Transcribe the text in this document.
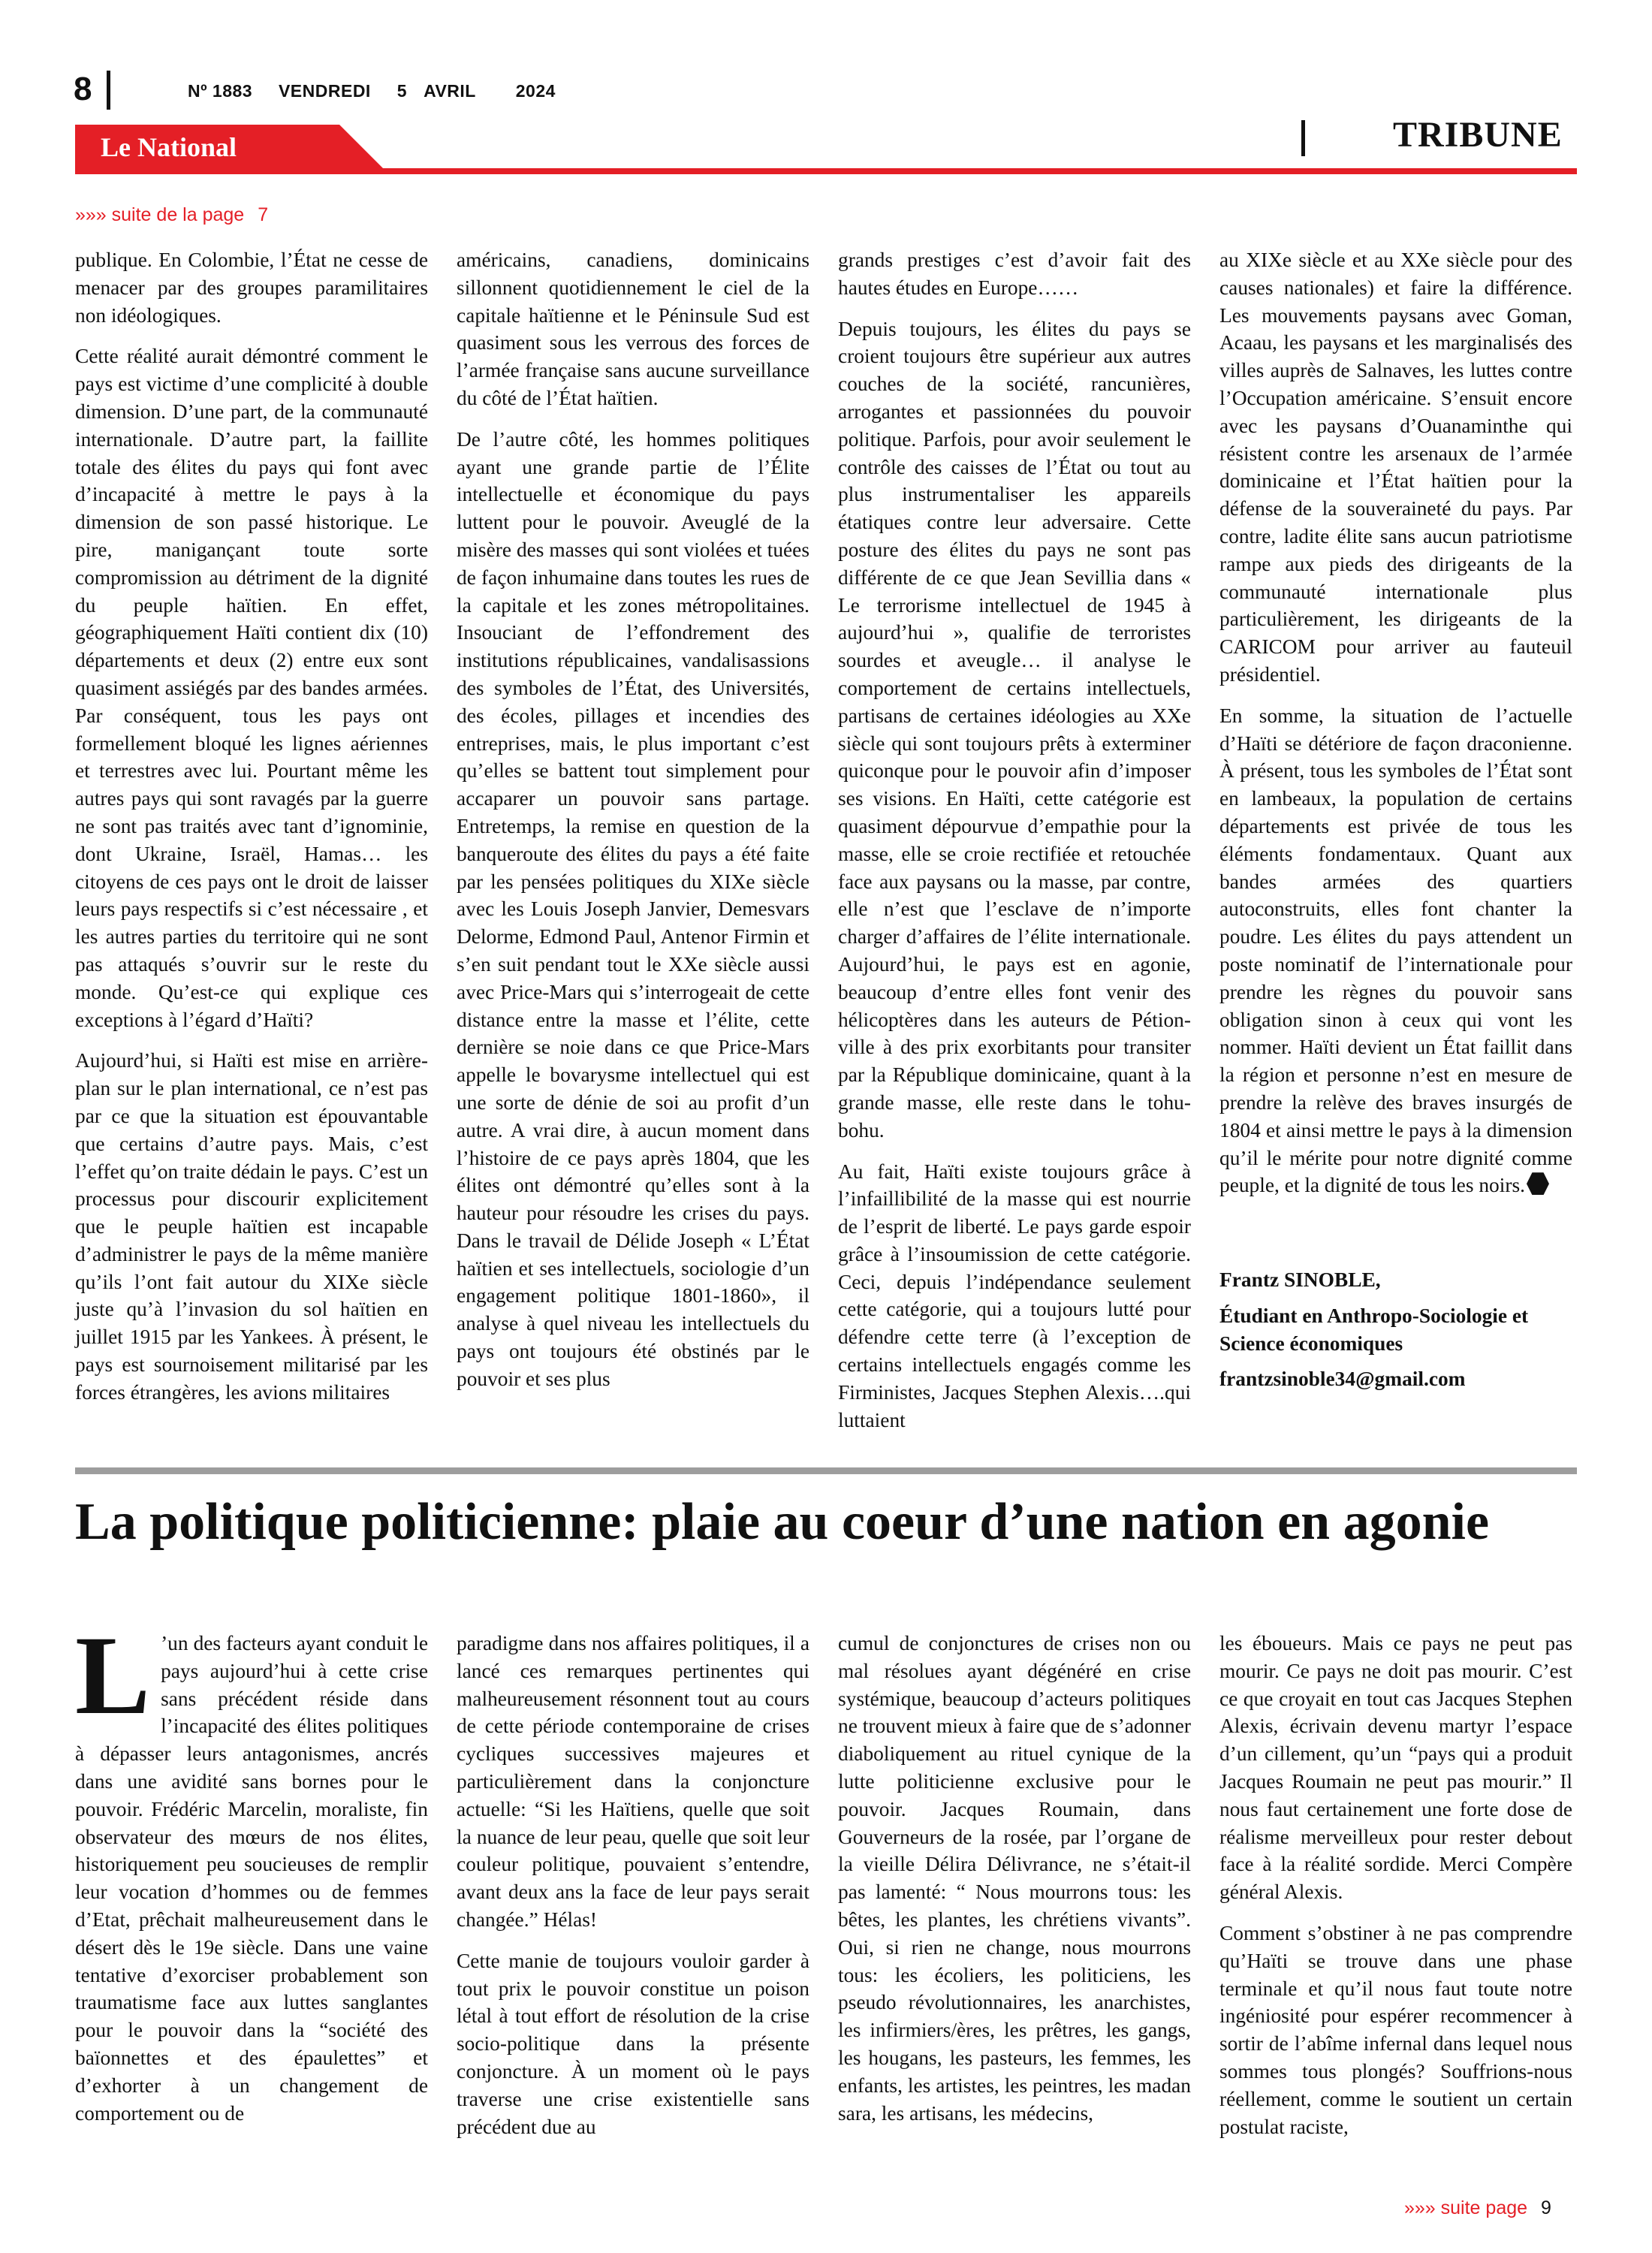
8	Nº 1883 VENDREDI 5 AVRIL 2024
Le National	TRIBUNE
»»» suite de la page 7

publique. En Colombie, l’État ne cesse de menacer par des groupes paramilitaires non idéologiques.

Cette réalité aurait démontré comment le pays est victime d’une complicité à double dimension. D’une part, de la communauté internationale. D’autre part, la faillite totale des élites du pays qui font avec d’incapacité à mettre le pays à la dimension de son passé historique. Le pire, manigançant toute sorte compromission au détriment de la dignité du peuple haïtien. En effet, géographiquement Haïti contient dix (10) départements et deux (2) entre eux sont quasiment assiégés par des bandes armées. Par conséquent, tous les pays ont formellement bloqué les lignes aériennes et terrestres avec lui. Pourtant même les autres pays qui sont ravagés par la guerre ne sont pas traités avec tant d’ignominie, dont Ukraine, Israël, Hamas… les citoyens de ces pays ont le droit de laisser leurs pays respectifs si c’est nécessaire , et les autres parties du territoire qui ne sont pas attaqués s’ouvrir sur le reste du monde. Qu’est-ce qui explique ces exceptions à l’égard d’Haïti?

Aujourd’hui, si Haïti est mise en arrière-plan sur le plan international, ce n’est pas par ce que la situation est épouvantable que certains d’autre pays. Mais, c’est l’effet qu’on traite dédain le pays. C’est un processus pour discourir explicitement que le peuple haïtien est incapable d’administrer le pays de la même manière qu’ils l’ont fait autour du XIXe siècle juste qu’à l’invasion du sol haïtien en juillet 1915 par les Yankees. À présent, le pays est sournoisement militarisé par les forces étrangères, les avions militaires

américains, canadiens, dominicains sillonnent quotidiennement le ciel de la capitale haïtienne et le Péninsule Sud est quasiment sous les verrous des forces de l’armée française sans aucune surveillance du côté de l’État haïtien.

De l’autre côté, les hommes politiques ayant une grande partie de l’Élite intellectuelle et économique du pays luttent pour le pouvoir. Aveuglé de la misère des masses qui sont violées et tuées de façon inhumaine dans toutes les rues de la capitale et les zones métropolitaines. Insouciant de l’effondrement des institutions républicaines, vandalisassions des symboles de l’État, des Universités, des écoles, pillages et incendies des entreprises, mais, le plus important c’est qu’elles se battent tout simplement pour accaparer un pouvoir sans partage. Entretemps, la remise en question de la banqueroute des élites du pays a été faite par les pensées politiques du XIXe siècle avec les Louis Joseph Janvier, Demesvars Delorme, Edmond Paul, Antenor Firmin et s’en suit pendant tout le XXe siècle aussi avec Price-Mars qui s’interrogeait de cette distance entre la masse et l’élite, cette dernière se noie dans ce que Price-Mars appelle le bovarysme intellectuel qui est une sorte de dénie de soi au profit d’un autre. A vrai dire, à aucun moment dans l’histoire de ce pays après 1804, que les élites ont démontré qu’elles sont à la hauteur pour résoudre les crises du pays. Dans le travail de Délide Joseph « L’État haïtien et ses intellectuels, sociologie d’un engagement politique 1801-1860», il analyse à quel niveau les intellectuels du pays ont toujours été obstinés par le pouvoir et ses plus

grands prestiges c’est d’avoir fait des hautes études en Europe……

Depuis toujours, les élites du pays se croient toujours être supérieur aux autres couches de la société, rancunières, arrogantes et passionnées du pouvoir politique. Parfois, pour avoir seulement le contrôle des caisses de l’État ou tout au plus instrumentaliser les appareils étatiques contre leur adversaire. Cette posture des élites du pays ne sont pas différente de ce que Jean Sevillia dans « Le terrorisme intellectuel de 1945 à aujourd’hui », qualifie de terroristes sourdes et aveugle… il analyse le comportement de certains intellectuels, partisans de certaines idéologies au XXe siècle qui sont toujours prêts à exterminer quiconque pour le pouvoir afin d’imposer ses visions. En Haïti, cette catégorie est quasiment dépourvue d’empathie pour la masse, elle se croie rectifiée et retouchée face aux paysans ou la masse, par contre, elle n’est que l’esclave de n’importe charger d’affaires de l’élite internationale. Aujourd’hui, le pays est en agonie, beaucoup d’entre elles font venir des hélicoptères dans les auteurs de Pétion-ville à des prix exorbitants pour transiter par la République dominicaine, quant à la grande masse, elle reste dans le tohu-bohu.

Au fait, Haïti existe toujours grâce à l’infaillibilité de la masse qui est nourrie de l’esprit de liberté. Le pays garde espoir grâce à l’insoumission de cette catégorie. Ceci, depuis l’indépendance seulement cette catégorie, qui a toujours lutté pour défendre cette terre (à l’exception de certains intellectuels engagés comme les Firministes, Jacques Stephen Alexis….qui luttaient

au XIXe siècle et au XXe siècle pour des causes nationales) et faire la différence. Les mouvements paysans avec Goman, Acaau, les paysans et les marginalisés des villes auprès de Salnaves, les luttes contre l’Occupation américaine. S’ensuit encore avec les paysans d’Ouanaminthe qui résistent contre les arsenaux de l’armée dominicaine et l’État haïtien pour la défense de la souveraineté du pays. Par contre, ladite élite sans aucun patriotisme rampe aux pieds des dirigeants de la communauté internationale plus particulièrement, les dirigeants de la CARICOM pour arriver au fauteuil présidentiel.

En somme, la situation de l’actuelle d’Haïti se détériore de façon draconienne. À présent, tous les symboles de l’État sont en lambeaux, la population de certains départements est privée de tous les éléments fondamentaux. Quant aux bandes armées des quartiers autoconstruits, elles font chanter la poudre. Les élites du pays attendent un poste nominatif de l’internationale pour prendre les règnes du pouvoir sans obligation sinon à ceux qui vont les nommer. Haïti devient un État faillit dans la région et personne n’est en mesure de prendre la relève des braves insurgés de 1804 et ainsi mettre le pays à la dimension qu’il le mérite pour notre dignité comme peuple, et la dignité de tous les noirs.

Frantz SINOBLE,
Étudiant en Anthropo-Sociologie et Science économiques
frantzsinoble34@gmail.com
La politique politicienne: plaie au coeur d’une nation en agonie

L ’un des facteurs ayant conduit le pays aujourd’hui à cette crise sans précédent réside dans l’incapacité des élites politiques à dépasser leurs antagonismes, ancrés dans une avidité sans bornes pour le pouvoir. Frédéric Marcelin, moraliste, fin observateur des mœurs de nos élites, historiquement peu soucieuses de remplir leur vocation d’hommes ou de femmes d’Etat, prêchait malheureusement dans le désert dès le 19e siècle. Dans une vaine tentative d’exorciser probablement son traumatisme face aux luttes sanglantes pour le pouvoir dans la “société des baïonnettes et des épaulettes” et d’exhorter à un changement de comportement ou de

paradigme dans nos affaires politiques, il a lancé ces remarques pertinentes qui malheureusement résonnent tout au cours de cette période contemporaine de crises cycliques successives majeures et particulièrement dans la conjoncture actuelle: “Si les Haïtiens, quelle que soit la nuance de leur peau, quelle que soit leur couleur politique, pouvaient s’entendre, avant deux ans la face de leur pays serait changée.” Hélas!

Cette manie de toujours vouloir garder à tout prix le pouvoir constitue un poison létal à tout effort de résolution de la crise socio-politique dans la présente conjoncture. À un moment où le pays traverse une crise existentielle sans précédent due au

cumul de conjonctures de crises non ou mal résolues ayant dégénéré en crise systémique, beaucoup d’acteurs politiques ne trouvent mieux à faire que de s’adonner diaboliquement au rituel cynique de la lutte politicienne exclusive pour le pouvoir. Jacques Roumain, dans Gouverneurs de la rosée, par l’organe de la vieille Délira Délivrance, ne s’était-il pas lamenté: “ Nous mourrons tous: les bêtes, les plantes, les chrétiens vivants”. Oui, si rien ne change, nous mourrons tous: les écoliers, les politiciens, les pseudo révolutionnaires, les anarchistes, les infirmiers/ères, les prêtres, les gangs, les hougans, les pasteurs, les femmes, les enfants, les artistes, les peintres, les madan sara, les artisans, les médecins,

les éboueurs. Mais ce pays ne peut pas mourir. Ce pays ne doit pas mourir. C’est ce que croyait en tout cas Jacques Stephen Alexis, écrivain devenu martyr l’espace d’un cillement, qu’un “pays qui a produit Jacques Roumain ne peut pas mourir.” Il nous faut certainement une forte dose de réalisme merveilleux pour rester debout face à la réalité sordide. Merci Compère général Alexis.

Comment s’obstiner à ne pas comprendre qu’Haïti se trouve dans une phase terminale et qu’il nous faut toute notre ingéniosité pour espérer recommencer à sortir de l’abîme infernal dans lequel nous sommes tous plongés? Souffrions-nous réellement, comme le soutient un certain postulat raciste,

»»» suite page 9
